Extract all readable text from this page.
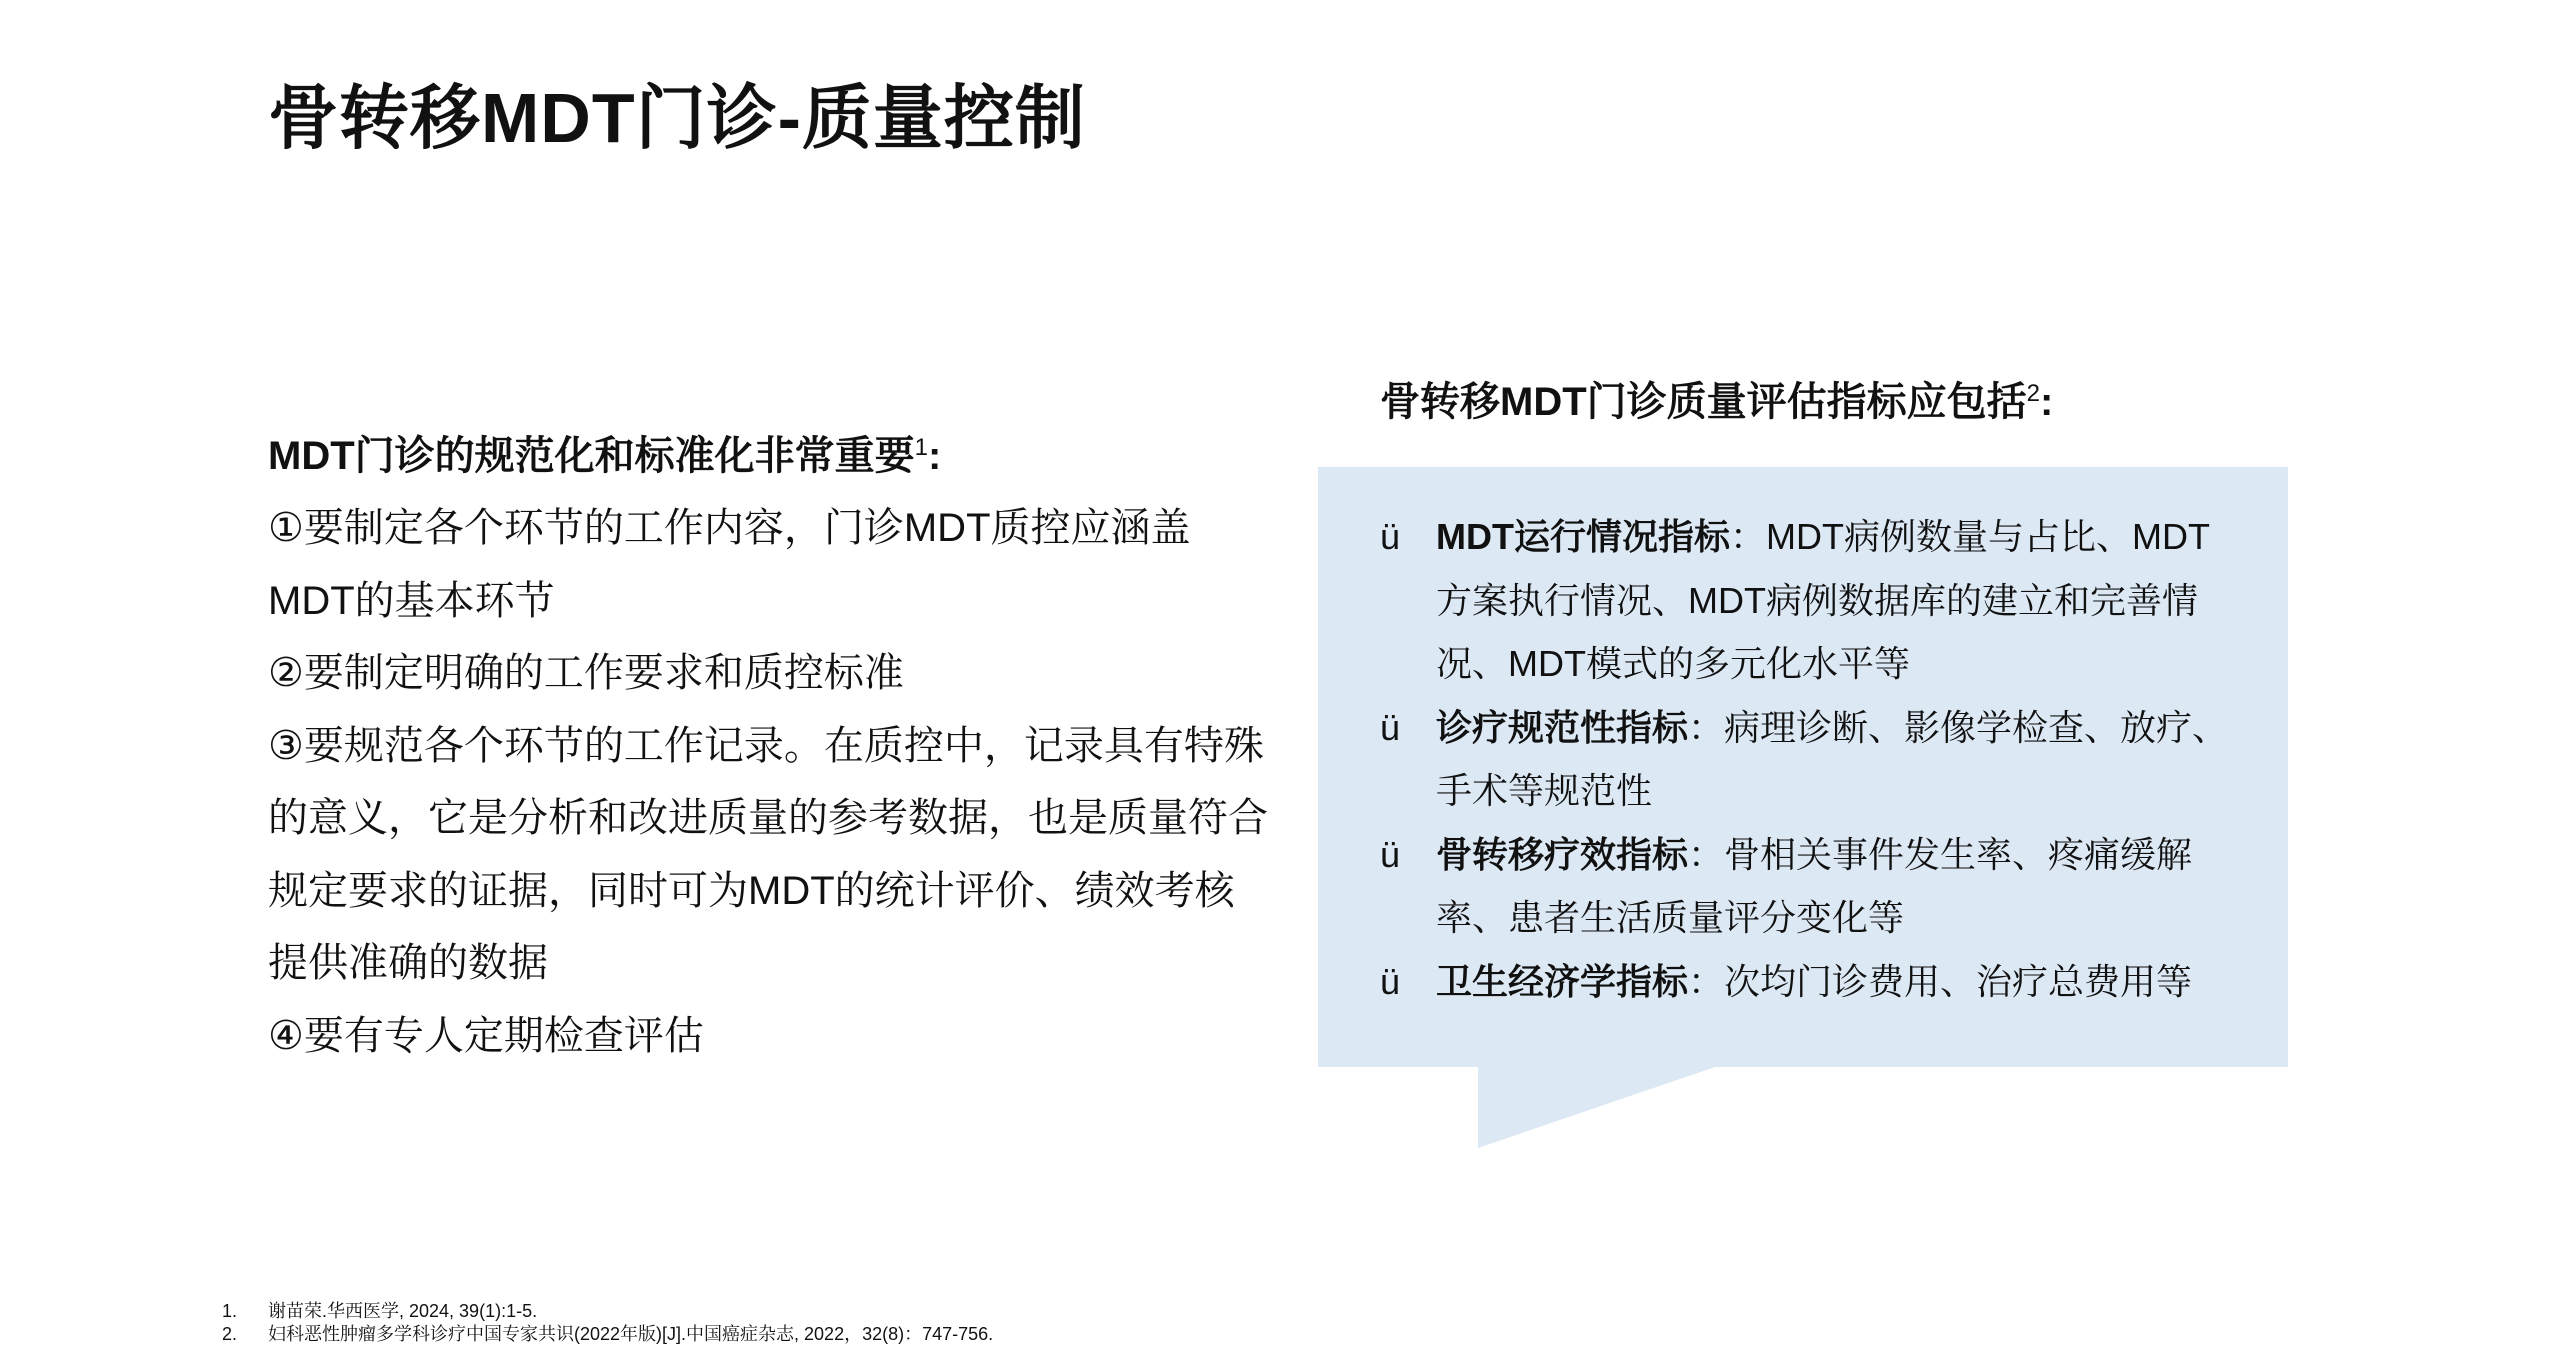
骨转移MDT门诊-质量控制
MDT门诊的规范化和标准化非常重要$^1$:

①要制定各个环节的工作内容，门诊MDT质控应涵盖MDT的基本环节

②要制定明确的工作要求和质控标准

③要规范各个环节的工作记录。在质控中，记录具有特殊的意义，它是分析和改进质量的参考数据，也是质量符合规定要求的证据，同时可为MDT的统计评价、绩效考核提供准确的数据

④要有专人定期检查评估

骨转移MDT门诊质量评估指标应包括$^2$:
ü MDT运行情况指标：MDT病例数量与占比、MDT方案执行情况、MDT病例数据库的建立和完善情况、MDT模式的多元化水平等
ü 诊疗规范性指标：病理诊断、影像学检查、放疗、手术等规范性
ü 骨转移疗效指标：骨相关事件发生率、疼痛缓解率、患者生活质量评分变化等
ü 卫生经济学指标：次均门诊费用、治疗总费用等
1.	谢苗荣.华西医学, 2024, 39(1):1-5.
2.	妇科恶性肿瘤多学科诊疗中国专家共识(2022年版)[J].中国癌症杂志, 2022，32(8)：747-756.
